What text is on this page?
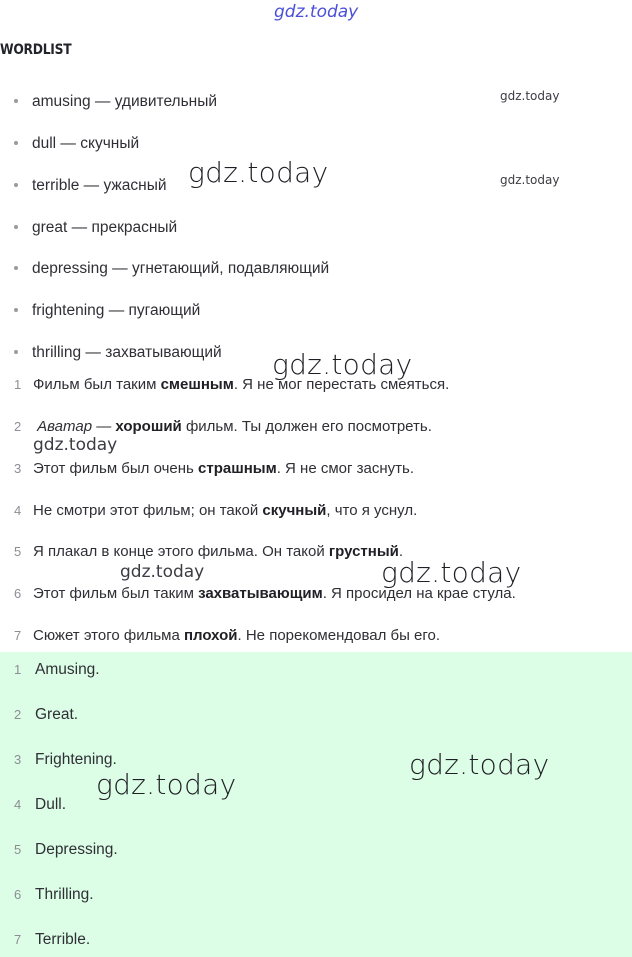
gdz.today
gdz.today
gdz.today
gdz.today
gdz.today
gdz.today
gdz.today	gdz.today
WORDLIST
amusing — удивительный
dull — скучный
terrible — ужасный
great — прекрасный
depressing — угнетающий, подавляющий
frightening — пугающий
thrilling — захватывающий
1 Фильм был таким смешным. Я не мог перестать смеяться.
2 Аватар — хороший фильм. Ты должен его посмотреть.
3 Этот фильм был очень страшным. Я не смог заснуть.
4 Не смотри этот фильм; он такой скучный, что я уснул.
5 Я плакал в конце этого фильма. Он такой грустный.
6 Этот фильм был таким захватывающим. Я просидел на крае стула.
7 Сюжет этого фильма плохой. Не порекомендовал бы его.
1 Amusing.
2 Great.
3 Frightening.
4 Dull.
5 Depressing.
6 Thrilling.
7 Terrible.
gdz.today
gdz.today
